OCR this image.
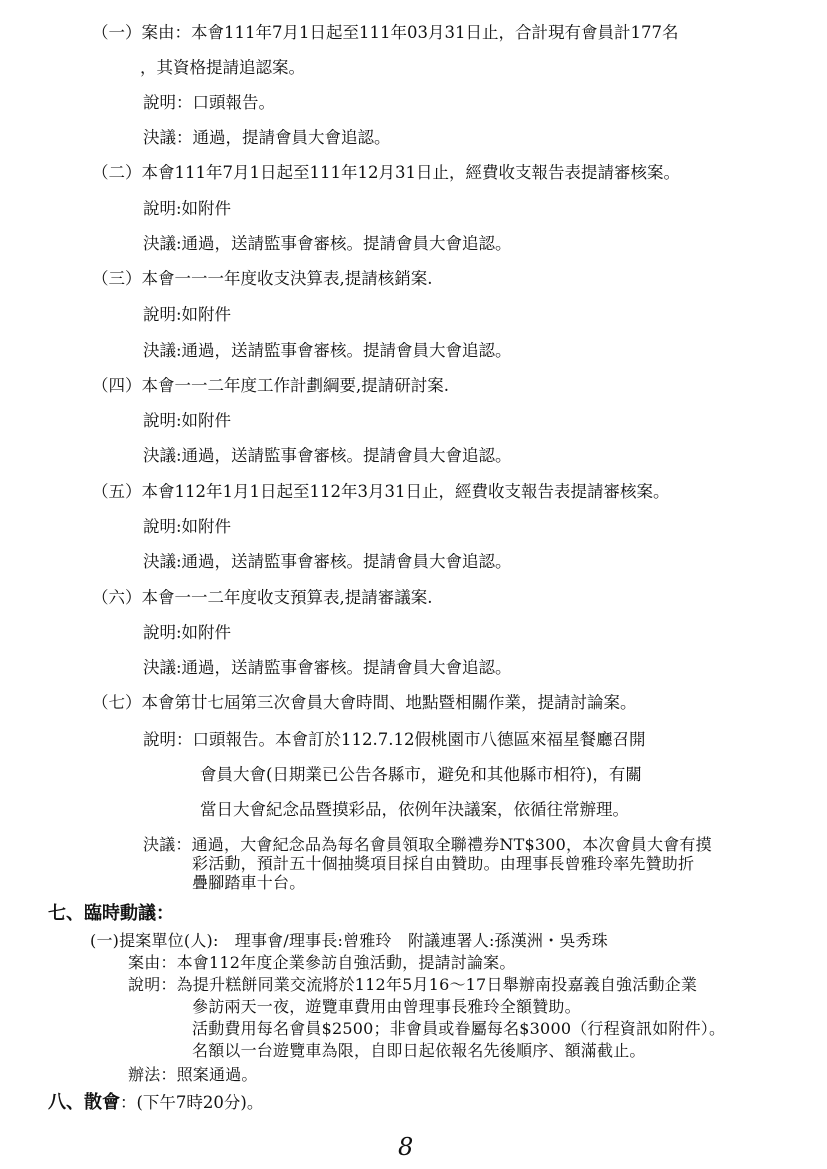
（一）案由：本會111年7月1日起至111年03月31日止，合計現有會員計177名
，其資格提請追認案。
說明：口頭報告。
決議：通過，提請會員大會追認。
（二）本會111年7月1日起至111年12月31日止，經費收支報告表提請審核案。
說明:如附件
決議:通過，送請監事會審核。提請會員大會追認。
（三）本會一一一年度收支決算表,提請核銷案.
說明:如附件
決議:通過，送請監事會審核。提請會員大會追認。
（四）本會一一二年度工作計劃綱要,提請研討案.
說明:如附件
決議:通過，送請監事會審核。提請會員大會追認。
（五）本會112年1月1日起至112年3月31日止，經費收支報告表提請審核案。
說明:如附件
決議:通過，送請監事會審核。提請會員大會追認。
（六）本會一一二年度收支預算表,提請審議案.
說明:如附件
決議:通過，送請監事會審核。提請會員大會追認。
（七）本會第廿七屆第三次會員大會時間、地點暨相關作業，提請討論案。
說明：口頭報告。本會訂於112.7.12假桃園市八德區來福星餐廳召開
會員大會(日期業已公告各縣市，避免和其他縣市相符)，有關
當日大會紀念品暨摸彩品，依例年決議案，依循往常辦理。
決議：通過，大會紀念品為每名會員領取全聯禮券NT$300，本次會員大會有摸
彩活動，預計五十個抽獎項目採自由贊助。由理事長曾雅玲率先贊助折
疊腳踏車十台。
七、臨時動議：
(一)提案單位(人):　理事會/理事長:曾雅玲　附議連署人:孫漢洲・吳秀珠
案由：本會112年度企業參訪自強活動，提請討論案。
說明：為提升糕餅同業交流將於112年5月16～17日舉辦南投嘉義自強活動企業
參訪兩天一夜，遊覽車費用由曾理事長雅玲全額贊助。
活動費用每名會員$2500；非會員或眷屬每名$3000（行程資訊如附件）。
名額以一台遊覽車為限，自即日起依報名先後順序、額滿截止。
辦法：照案通過。
八、散會：(下午7時20分)。
8
